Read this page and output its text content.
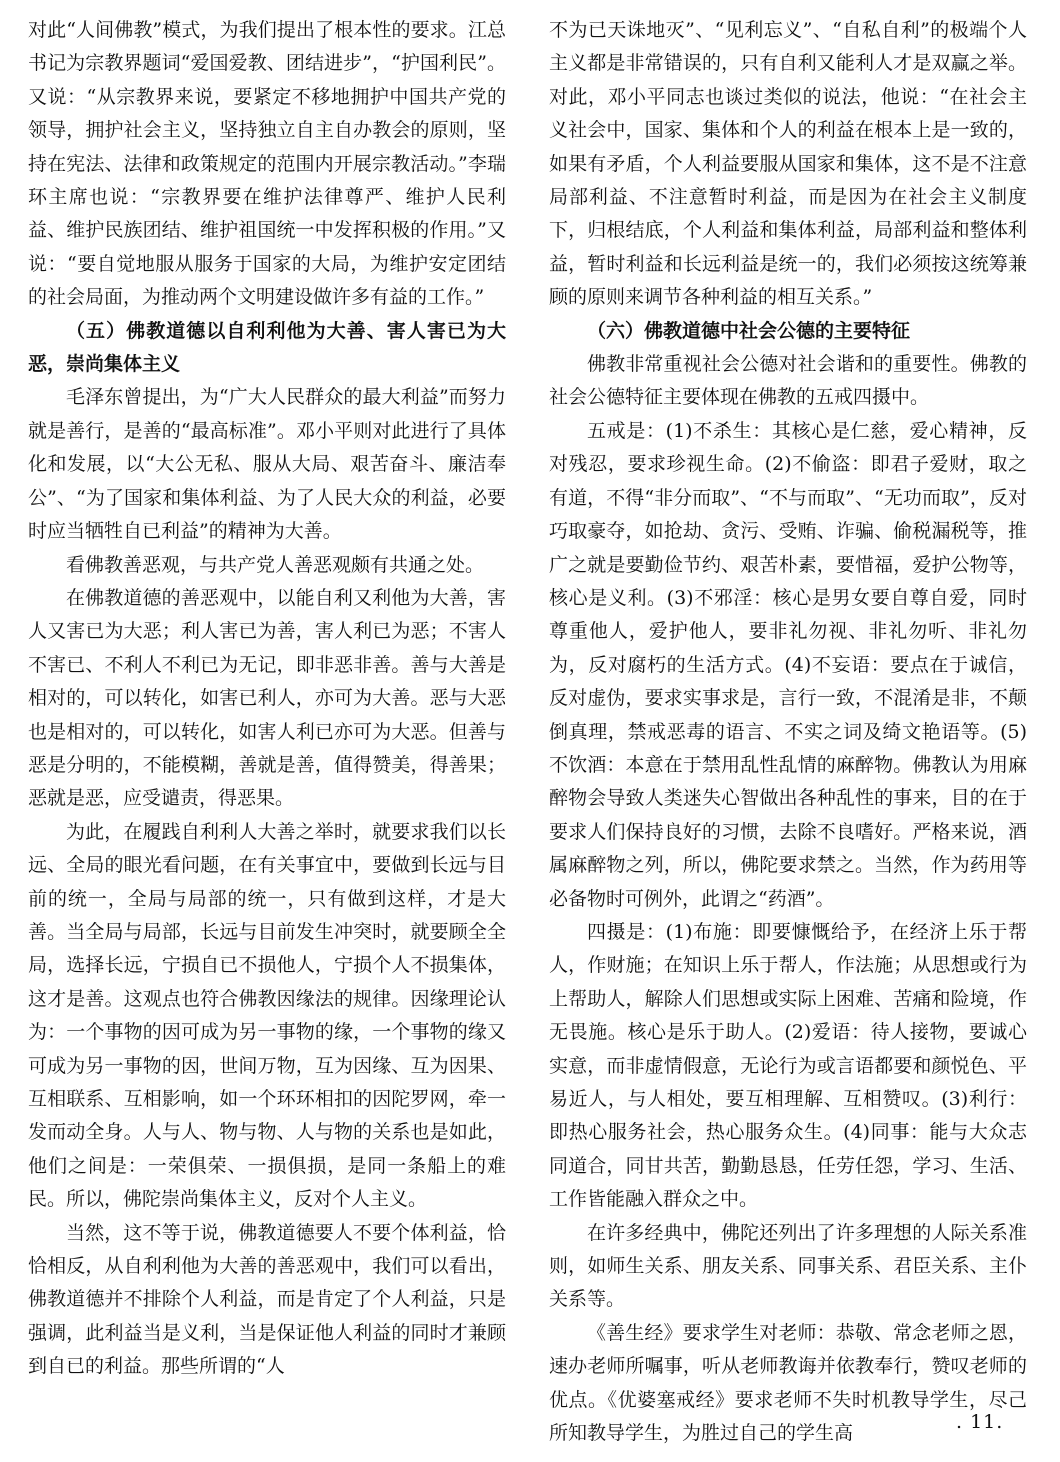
对此“人间佛教”模式，为我们提出了根本性的要求。江总书记为宗教界题词“爱国爱教、团结进步”，“护国利民”。又说：“从宗教界来说，要紧定不移地拥护中国共产党的领导，拥护社会主义，坚持独立自主自办教会的原则，坚持在宪法、法律和政策规定的范围内开展宗教活动。”李瑞环主席也说：“宗教界要在维护法律尊严、维护人民利益、维护民族团结、维护祖国统一中发挥积极的作用。”又说：“要自觉地服从服务于国家的大局，为维护安定团结的社会局面，为推动两个文明建设做许多有益的工作。”

（五）佛教道德以自利利他为大善、害人害已为大恶，崇尚集体主义

毛泽东曾提出，为“广大人民群众的最大利益”而努力就是善行，是善的“最高标准”。邓小平则对此进行了具体化和发展，以“大公无私、服从大局、艰苦奋斗、廉洁奉公”、“为了国家和集体利益、为了人民大众的利益，必要时应当牺牲自已利益”的精神为大善。

看佛教善恶观，与共产党人善恶观颇有共通之处。

在佛教道德的善恶观中，以能自利又利他为大善，害人又害已为大恶；利人害已为善，害人利已为恶；不害人不害已、不利人不利已为无记，即非恶非善。善与大善是相对的，可以转化，如害已利人，亦可为大善。恶与大恶也是相对的，可以转化，如害人利已亦可为大恶。但善与恶是分明的，不能模糊，善就是善，值得赞美，得善果；恶就是恶，应受谴责，得恶果。

为此，在履践自利利人大善之举时，就要求我们以长远、全局的眼光看问题，在有关事宜中，要做到长远与目前的统一，全局与局部的统一，只有做到这样，才是大善。当全局与局部，长远与目前发生冲突时，就要顾全全局，选择长远，宁损自已不损他人，宁损个人不损集体，这才是善。这观点也符合佛教因缘法的规律。因缘理论认为：一个事物的因可成为另一事物的缘，一个事物的缘又可成为另一事物的因，世间万物，互为因缘、互为因果、互相联系、互相影响，如一个环环相扣的因陀罗网，牵一发而动全身。人与人、物与物、人与物的关系也是如此，他们之间是：一荣俱荣、一损俱损，是同一条船上的难民。所以，佛陀崇尚集体主义，反对个人主义。

当然，这不等于说，佛教道德要人不要个体利益，恰恰相反，从自利利他为大善的善恶观中，我们可以看出，佛教道德并不排除个人利益，而是肯定了个人利益，只是强调，此利益当是义利，当是保证他人利益的同时才兼顾到自已的利益。那些所谓的“人

不为已天诛地灭”、“见利忘义”、“自私自利”的极端个人主义都是非常错误的，只有自利又能利人才是双赢之举。对此，邓小平同志也谈过类似的说法，他说：“在社会主义社会中，国家、集体和个人的利益在根本上是一致的，如果有矛盾，个人利益要服从国家和集体，这不是不注意局部利益、不注意暂时利益，而是因为在社会主义制度下，归根结底，个人利益和集体利益，局部利益和整体利益，暂时利益和长远利益是统一的，我们必须按这统筹兼顾的原则来调节各种利益的相互关系。”

（六）佛教道德中社会公德的主要特征

佛教非常重视社会公德对社会谐和的重要性。佛教的社会公德特征主要体现在佛教的五戒四摄中。

五戒是：(1)不杀生：其核心是仁慈，爱心精神，反对残忍，要求珍视生命。(2)不偷盗：即君子爱财，取之有道，不得“非分而取”、“不与而取”、“无功而取”，反对巧取豪夺，如抢劫、贪污、受贿、诈骗、偷税漏税等，推广之就是要勤俭节约、艰苦朴素，要惜福，爱护公物等，核心是义利。(3)不邪淫：核心是男女要自尊自爱，同时尊重他人，爱护他人，要非礼勿视、非礼勿听、非礼勿为，反对腐朽的生活方式。(4)不妄语：要点在于诚信，反对虚伪，要求实事求是，言行一致，不混淆是非，不颠倒真理，禁戒恶毒的语言、不实之词及绮文艳语等。(5)不饮酒：本意在于禁用乱性乱情的麻醉物。佛教认为用麻醉物会导致人类迷失心智做出各种乱性的事来，目的在于要求人们保持良好的习惯，去除不良嗜好。严格来说，酒属麻醉物之列，所以，佛陀要求禁之。当然，作为药用等必备物时可例外，此谓之“药酒”。

四摄是：(1)布施：即要慷慨给予，在经济上乐于帮人，作财施；在知识上乐于帮人，作法施；从思想或行为上帮助人，解除人们思想或实际上困难、苦痛和险境，作无畏施。核心是乐于助人。(2)爱语：待人接物，要诚心实意，而非虚情假意，无论行为或言语都要和颜悦色、平易近人，与人相处，要互相理解、互相赞叹。(3)利行：即热心服务社会，热心服务众生。(4)同事：能与大众志同道合，同甘共苦，勤勤恳恳，任劳任怨，学习、生活、工作皆能融入群众之中。

在许多经典中，佛陀还列出了许多理想的人际关系准则，如师生关系、朋友关系、同事关系、君臣关系、主仆关系等。

《善生经》要求学生对老师：恭敬、常念老师之恩，速办老师所嘱事，听从老师教诲并依教奉行，赞叹老师的优点。《优婆塞戒经》要求老师不失时机教导学生，尽己所知教导学生，为胜过自己的学生高

. 11.
